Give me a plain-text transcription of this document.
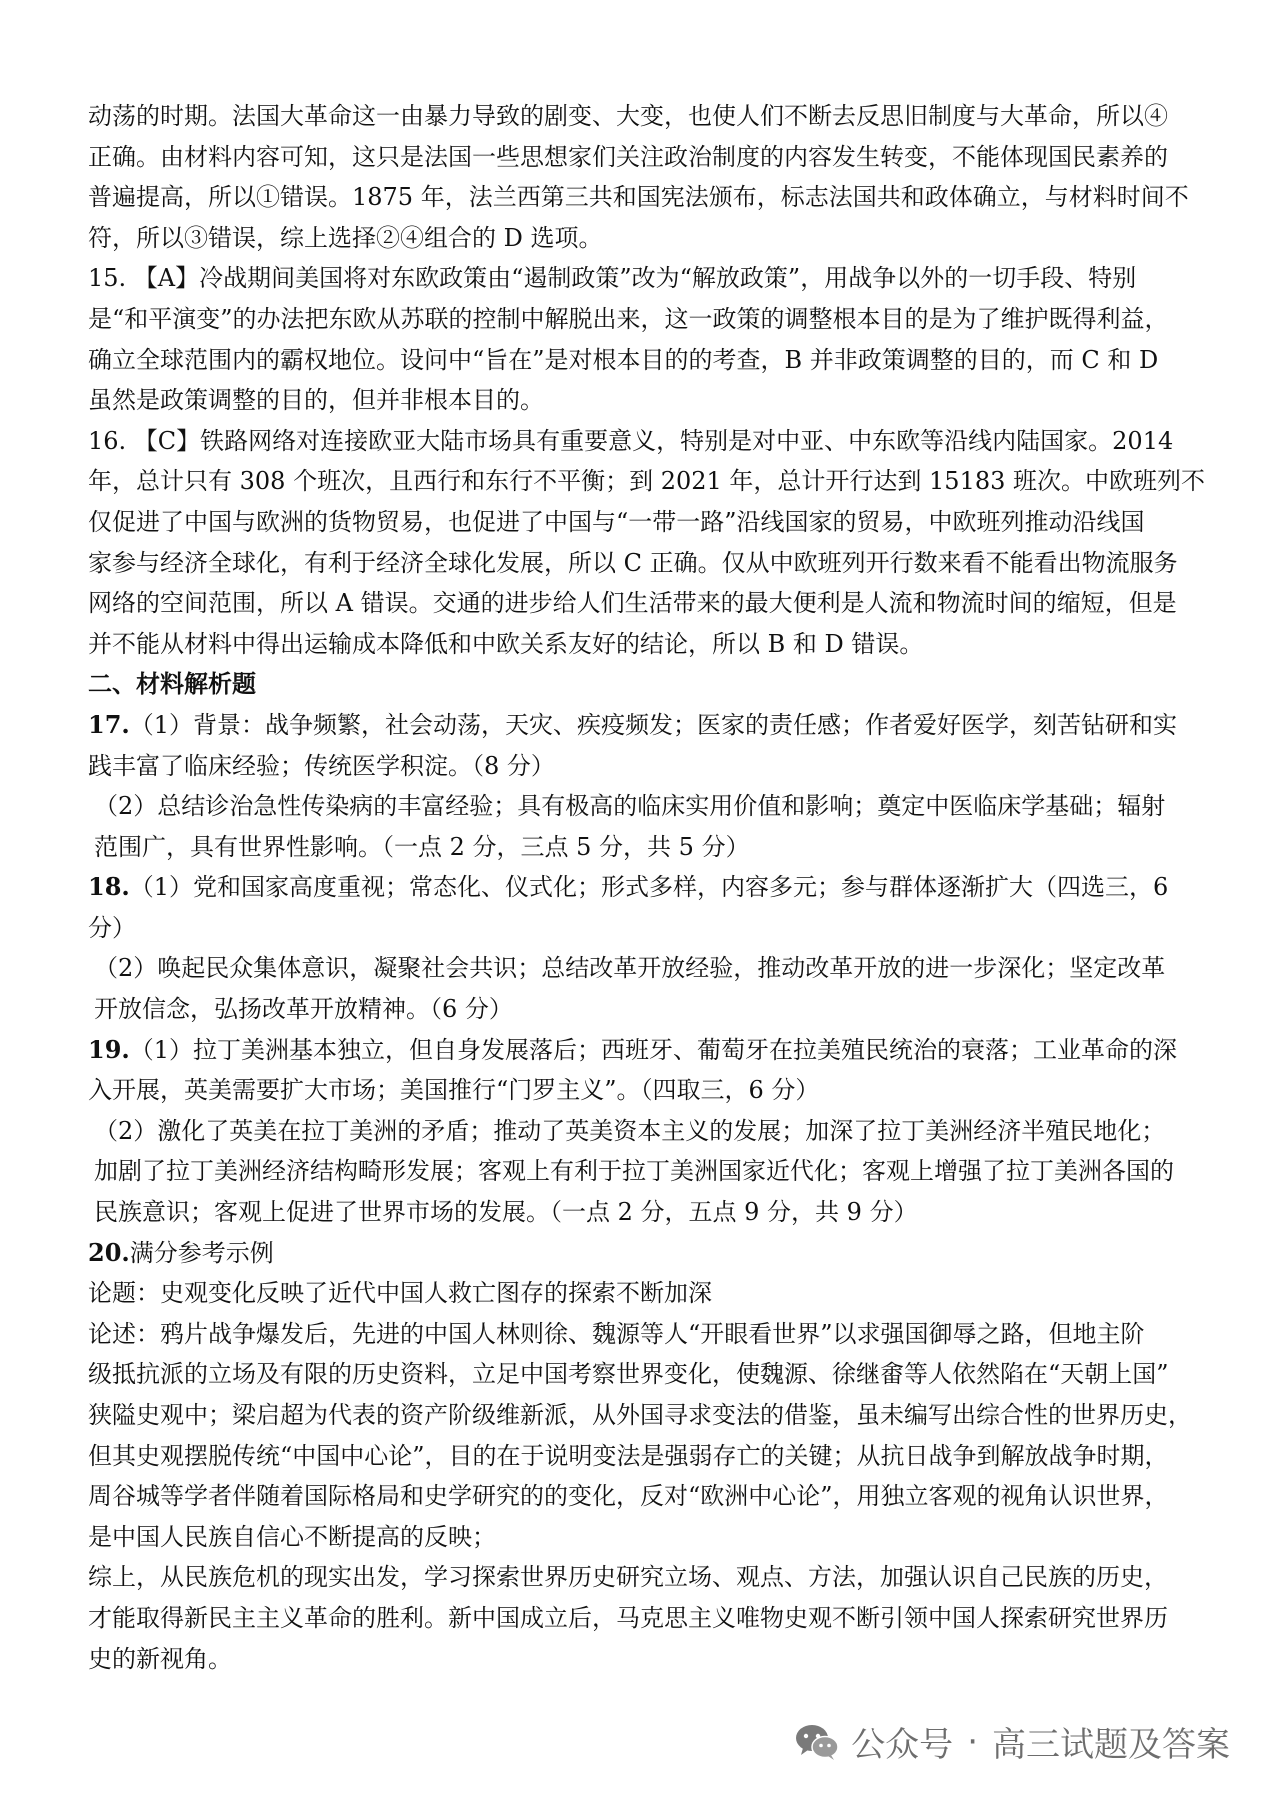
动荡的时期。法国大革命这一由暴力导致的剧变、大变，也使人们不断去反思旧制度与大革命，所以④
正确。由材料内容可知，这只是法国一些思想家们关注政治制度的内容发生转变，不能体现国民素养的
普遍提高，所以①错误。1875 年，法兰西第三共和国宪法颁布，标志法国共和政体确立，与材料时间不
符，所以③错误，综上选择②④组合的 D 选项。

15. 【A】冷战期间美国将对东欧政策由“遏制政策”改为“解放政策”，用战争以外的一切手段、特别
是“和平演变”的办法把东欧从苏联的控制中解脱出来，这一政策的调整根本目的是为了维护既得利益，
确立全球范围内的霸权地位。设问中“旨在”是对根本目的的考查，B 并非政策调整的目的，而 C 和 D
虽然是政策调整的目的，但并非根本目的。

16. 【C】铁路网络对连接欧亚大陆市场具有重要意义，特别是对中亚、中东欧等沿线内陆国家。2014
年，总计只有 308 个班次，且西行和东行不平衡；到 2021 年，总计开行达到 15183 班次。中欧班列不
仅促进了中国与欧洲的货物贸易，也促进了中国与“一带一路”沿线国家的贸易，中欧班列推动沿线国
家参与经济全球化，有利于经济全球化发展，所以 C 正确。仅从中欧班列开行数来看不能看出物流服务
网络的空间范围，所以 A 错误。交通的进步给人们生活带来的最大便利是人流和物流时间的缩短，但是
并不能从材料中得出运输成本降低和中欧关系友好的结论，所以 B 和 D 错误。

二、材料解析题

17.（1）背景：战争频繁，社会动荡，天灾、疾疫频发；医家的责任感；作者爱好医学，刻苦钻研和实
践丰富了临床经验；传统医学积淀。（8 分）

（2）总结诊治急性传染病的丰富经验；具有极高的临床实用价值和影响；奠定中医临床学基础；辐射
范围广，具有世界性影响。（一点 2 分，三点 5 分，共 5 分）

18.（1）党和国家高度重视；常态化、仪式化；形式多样，内容多元；参与群体逐渐扩大（四选三，6
分）

（2）唤起民众集体意识，凝聚社会共识；总结改革开放经验，推动改革开放的进一步深化；坚定改革
开放信念，弘扬改革开放精神。（6 分）

19.（1）拉丁美洲基本独立，但自身发展落后；西班牙、葡萄牙在拉美殖民统治的衰落；工业革命的深
入开展，英美需要扩大市场；美国推行“门罗主义”。（四取三，6 分）

（2）激化了英美在拉丁美洲的矛盾；推动了英美资本主义的发展；加深了拉丁美洲经济半殖民地化；
加剧了拉丁美洲经济结构畸形发展；客观上有利于拉丁美洲国家近代化；客观上增强了拉丁美洲各国的
民族意识；客观上促进了世界市场的发展。（一点 2 分，五点 9 分，共 9 分）

20.满分参考示例

论题：史观变化反映了近代中国人救亡图存的探索不断加深

论述：鸦片战争爆发后，先进的中国人林则徐、魏源等人“开眼看世界”以求强国御辱之路，但地主阶
级抵抗派的立场及有限的历史资料，立足中国考察世界变化，使魏源、徐继畬等人依然陷在“天朝上国”
狭隘史观中；梁启超为代表的资产阶级维新派，从外国寻求变法的借鉴，虽未编写出综合性的世界历史，
但其史观摆脱传统“中国中心论”，目的在于说明变法是强弱存亡的关键；从抗日战争到解放战争时期，
周谷城等学者伴随着国际格局和史学研究的的变化，反对“欧洲中心论”，用独立客观的视角认识世界，
是中国人民族自信心不断提高的反映；

综上，从民族危机的现实出发，学习探索世界历史研究立场、观点、方法，加强认识自己民族的历史，
才能取得新民主主义革命的胜利。新中国成立后，马克思主义唯物史观不断引领中国人探索研究世界历
史的新视角。

公众号 · 高三试题及答案
